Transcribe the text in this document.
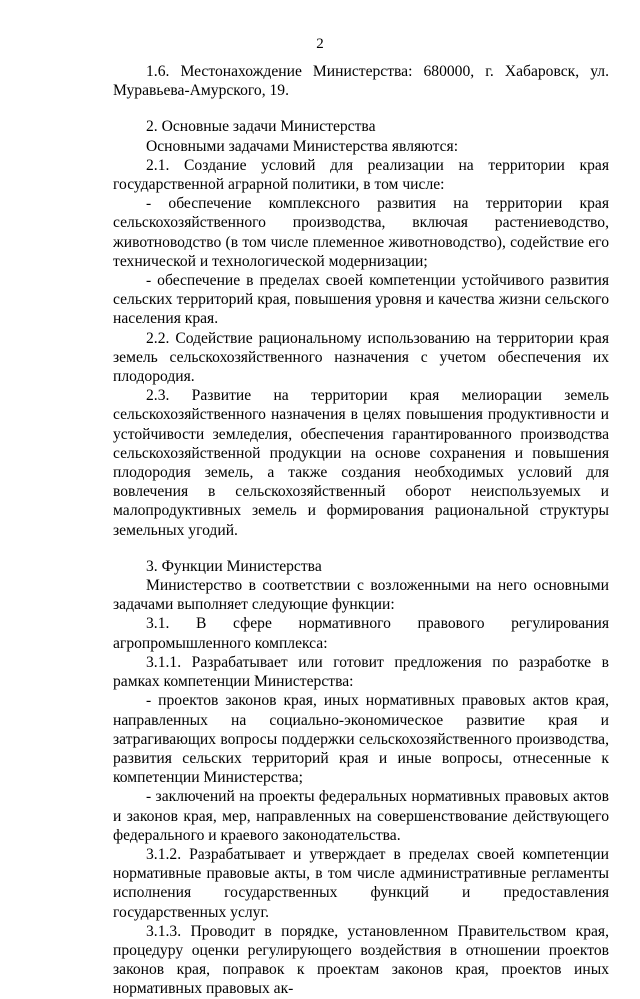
2

1.6. Местонахождение Министерства: 680000, г. Хабаровск, ул. Муравьева-Амурского, 19.

2. Основные задачи Министерства

Основными задачами Министерства являются:

2.1. Создание условий для реализации на территории края государственной аграрной политики, в том числе:

- обеспечение комплексного развития на территории края сельскохозяйственного производства, включая растениеводство, животноводство (в том числе племенное животноводство), содействие его технической и технологической модернизации;

- обеспечение в пределах своей компетенции устойчивого развития сельских территорий края, повышения уровня и качества жизни сельского населения края.

2.2. Содействие рациональному использованию на территории края земель сельскохозяйственного назначения с учетом обеспечения их плодородия.

2.3. Развитие на территории края мелиорации земель сельскохозяйственного назначения в целях повышения продуктивности и устойчивости земледелия, обеспечения гарантированного производства сельскохозяйственной продукции на основе сохранения и повышения плодородия земель, а также создания необходимых условий для вовлечения в сельскохозяйственный оборот неиспользуемых и малопродуктивных земель и формирования рациональной структуры земельных угодий.

3. Функции Министерства

Министерство в соответствии с возложенными на него основными задачами выполняет следующие функции:

3.1. В сфере нормативного правового регулирования агропромышленного комплекса:

3.1.1. Разрабатывает или готовит предложения по разработке в рамках компетенции Министерства:

- проектов законов края, иных нормативных правовых актов края, направленных на социально-экономическое развитие края и затрагивающих вопросы поддержки сельскохозяйственного производства, развития сельских территорий края и иные вопросы, отнесенные к компетенции Министерства;

- заключений на проекты федеральных нормативных правовых актов и законов края, мер, направленных на совершенствование действующего федерального и краевого законодательства.

3.1.2. Разрабатывает и утверждает в пределах своей компетенции нормативные правовые акты, в том числе административные регламенты исполнения государственных функций и предоставления государственных услуг.

3.1.3. Проводит в порядке, установленном Правительством края, процедуру оценки регулирующего воздействия в отношении проектов законов края, поправок к проектам законов края, проектов иных нормативных правовых ак-
